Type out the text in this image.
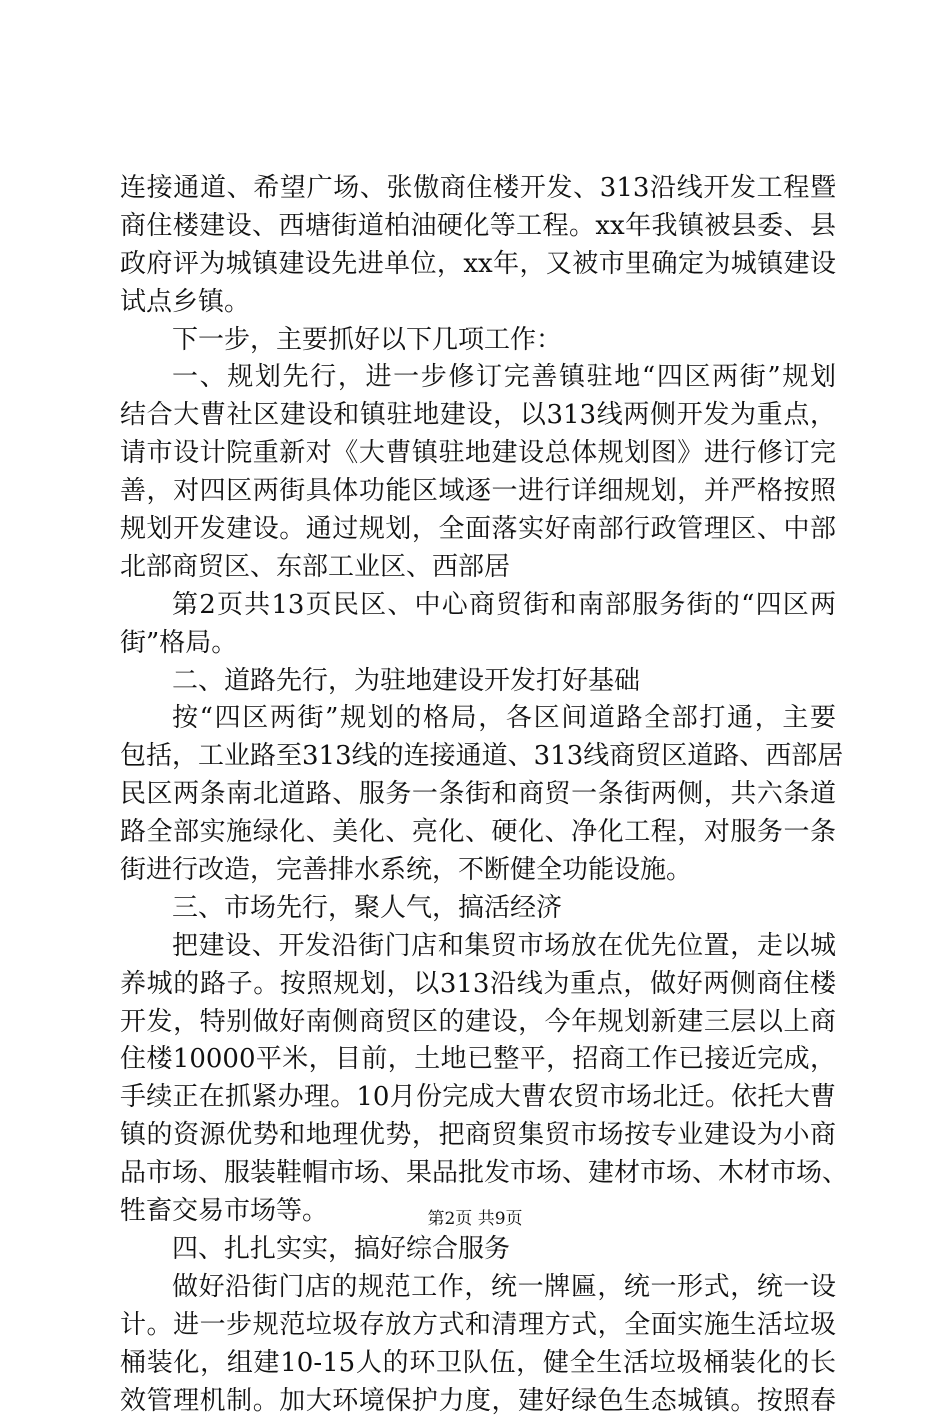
连接通道、希望广场、张傲商住楼开发、313沿线开发工程暨
商住楼建设、西塘街道柏油硬化等工程。xx年我镇被县委、县
政府评为城镇建设先进单位，xx年，又被市里确定为城镇建设
试点乡镇。
下一步，主要抓好以下几项工作：
一、规划先行，进一步修订完善镇驻地“四区两街”规划
结合大曹社区建设和镇驻地建设，以313线两侧开发为重点，
请市设计院重新对《大曹镇驻地建设总体规划图》进行修订完
善，对四区两街具体功能区域逐一进行详细规划，并严格按照
规划开发建设。通过规划，全面落实好南部行政管理区、中部
北部商贸区、东部工业区、西部居
第2页共13页民区、中心商贸街和南部服务街的“四区两
街”格局。
二、道路先行，为驻地建设开发打好基础
按“四区两街”规划的格局，各区间道路全部打通，主要
包括，工业路至313线的连接通道、313线商贸区道路、西部居
民区两条南北道路、服务一条街和商贸一条街两侧，共六条道
路全部实施绿化、美化、亮化、硬化、净化工程，对服务一条
街进行改造，完善排水系统，不断健全功能设施。
三、市场先行，聚人气，搞活经济
把建设、开发沿街门店和集贸市场放在优先位置，走以城
养城的路子。按照规划，以313沿线为重点，做好两侧商住楼
开发，特别做好南侧商贸区的建设，今年规划新建三层以上商
住楼10000平米，目前，土地已整平，招商工作已接近完成，
手续正在抓紧办理。10月份完成大曹农贸市场北迁。依托大曹
镇的资源优势和地理优势，把商贸集贸市场按专业建设为小商
品市场、服装鞋帽市场、果品批发市场、建材市场、木材市场、
牲畜交易市场等。
四、扎扎实实，搞好综合服务
做好沿街门店的规范工作，统一牌匾，统一形式，统一设
计。进一步规范垃圾存放方式和清理方式，全面实施生活垃圾
桶装化，组建10-15人的环卫队伍，健全生活垃圾桶装化的长
效管理机制。加大环境保护力度，建好绿色生态城镇。按照春
第2页 共9页
